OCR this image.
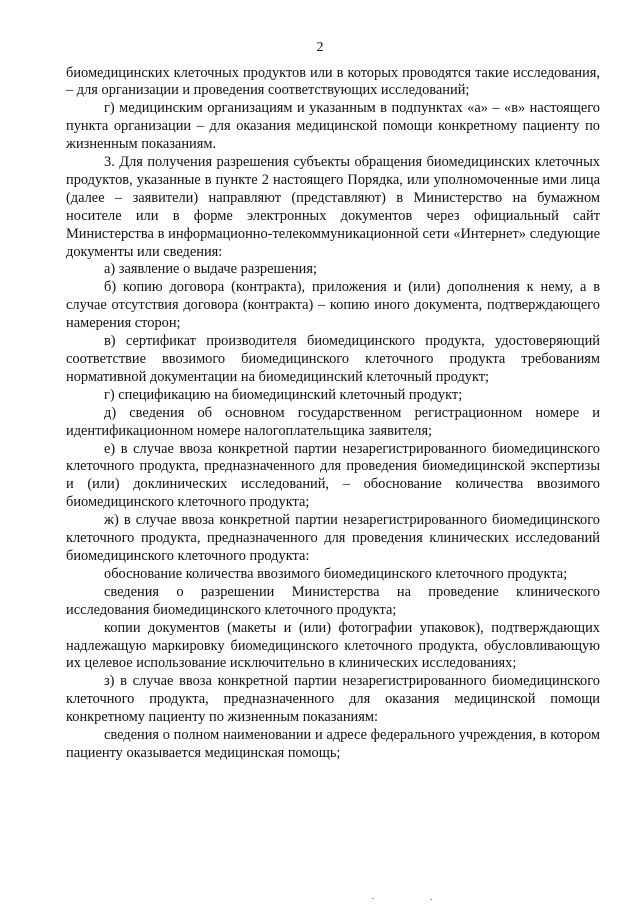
2

биомедицинских клеточных продуктов или в которых проводятся такие исследования, – для организации и проведения соответствующих исследований;

г) медицинским организациям и указанным в подпунктах «а» – «в» настоящего пункта организации – для оказания медицинской помощи конкретному пациенту по жизненным показаниям.

3. Для получения разрешения субъекты обращения биомедицинских клеточных продуктов, указанные в пункте 2 настоящего Порядка, или уполномоченные ими лица (далее – заявители) направляют (представляют) в Министерство на бумажном носителе или в форме электронных документов через официальный сайт Министерства в информационно-телекоммуникационной сети «Интернет» следующие документы или сведения:

а) заявление о выдаче разрешения;

б) копию договора (контракта), приложения и (или) дополнения к нему, а в случае отсутствия договора (контракта) – копию иного документа, подтверждающего намерения сторон;

в) сертификат производителя биомедицинского продукта, удостоверяющий соответствие ввозимого биомедицинского клеточного продукта требованиям нормативной документации на биомедицинский клеточный продукт;

г) спецификацию на биомедицинский клеточный продукт;

д) сведения об основном государственном регистрационном номере и идентификационном номере налогоплательщика заявителя;

е) в случае ввоза конкретной партии незарегистрированного биомедицинского клеточного продукта, предназначенного для проведения биомедицинской экспертизы и (или) доклинических исследований, – обоснование количества ввозимого биомедицинского клеточного продукта;

ж) в случае ввоза конкретной партии незарегистрированного биомедицинского клеточного продукта, предназначенного для проведения клинических исследований биомедицинского клеточного продукта:

обоснование количества ввозимого биомедицинского клеточного продукта;

сведения о разрешении Министерства на проведение клинического исследования биомедицинского клеточного продукта;

копии документов (макеты и (или) фотографии упаковок), подтверждающих надлежащую маркировку биомедицинского клеточного продукта, обусловливающую их целевое использование исключительно в клинических исследованиях;

з) в случае ввоза конкретной партии незарегистрированного биомедицинского клеточного продукта, предназначенного для оказания медицинской помощи конкретному пациенту по жизненным показаниям:

сведения о полном наименовании и адресе федерального учреждения, в котором пациенту оказывается медицинская помощь;
